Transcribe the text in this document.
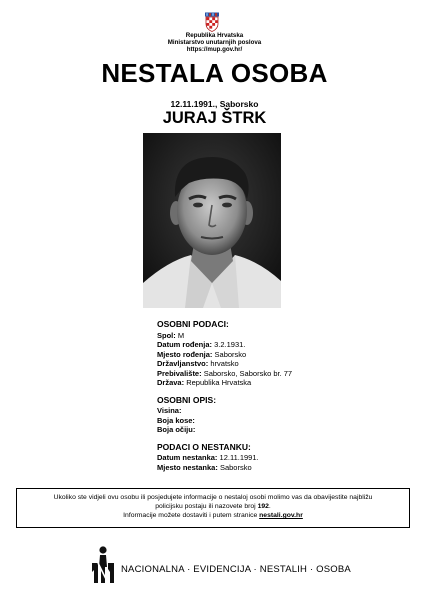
Republika Hrvatska
Ministarstvo unutarnjih poslova
https://mup.gov.hr/
NESTALA OSOBA
12.11.1991., Saborsko
JURAJ ŠTRK
OSOBNI PODACI:
Spol: M
Datum rođenja: 3.2.1931.
Mjesto rođenja: Saborsko
Državljanstvo: hrvatsko
Prebivalište: Saborsko, Saborsko br. 77
Država: Republika Hrvatska
OSOBNI OPIS:
Visina:
Boja kose:
Boja očiju:
PODACI O NESTANKU:
Datum nestanka: 12.11.1991.
Mjesto nestanka: Saborsko
Ukoliko ste vidjeli ovu osobu ili posjedujete informacije o nestaloj osobi molimo vas da obavijestite najbližu
policijsku postaju ili nazovete broj 192.
Informacije možete dostaviti i putem stranice nestali.gov.hr
NACIONALNA · EVIDENCIJA · NESTALIH · OSOBA
